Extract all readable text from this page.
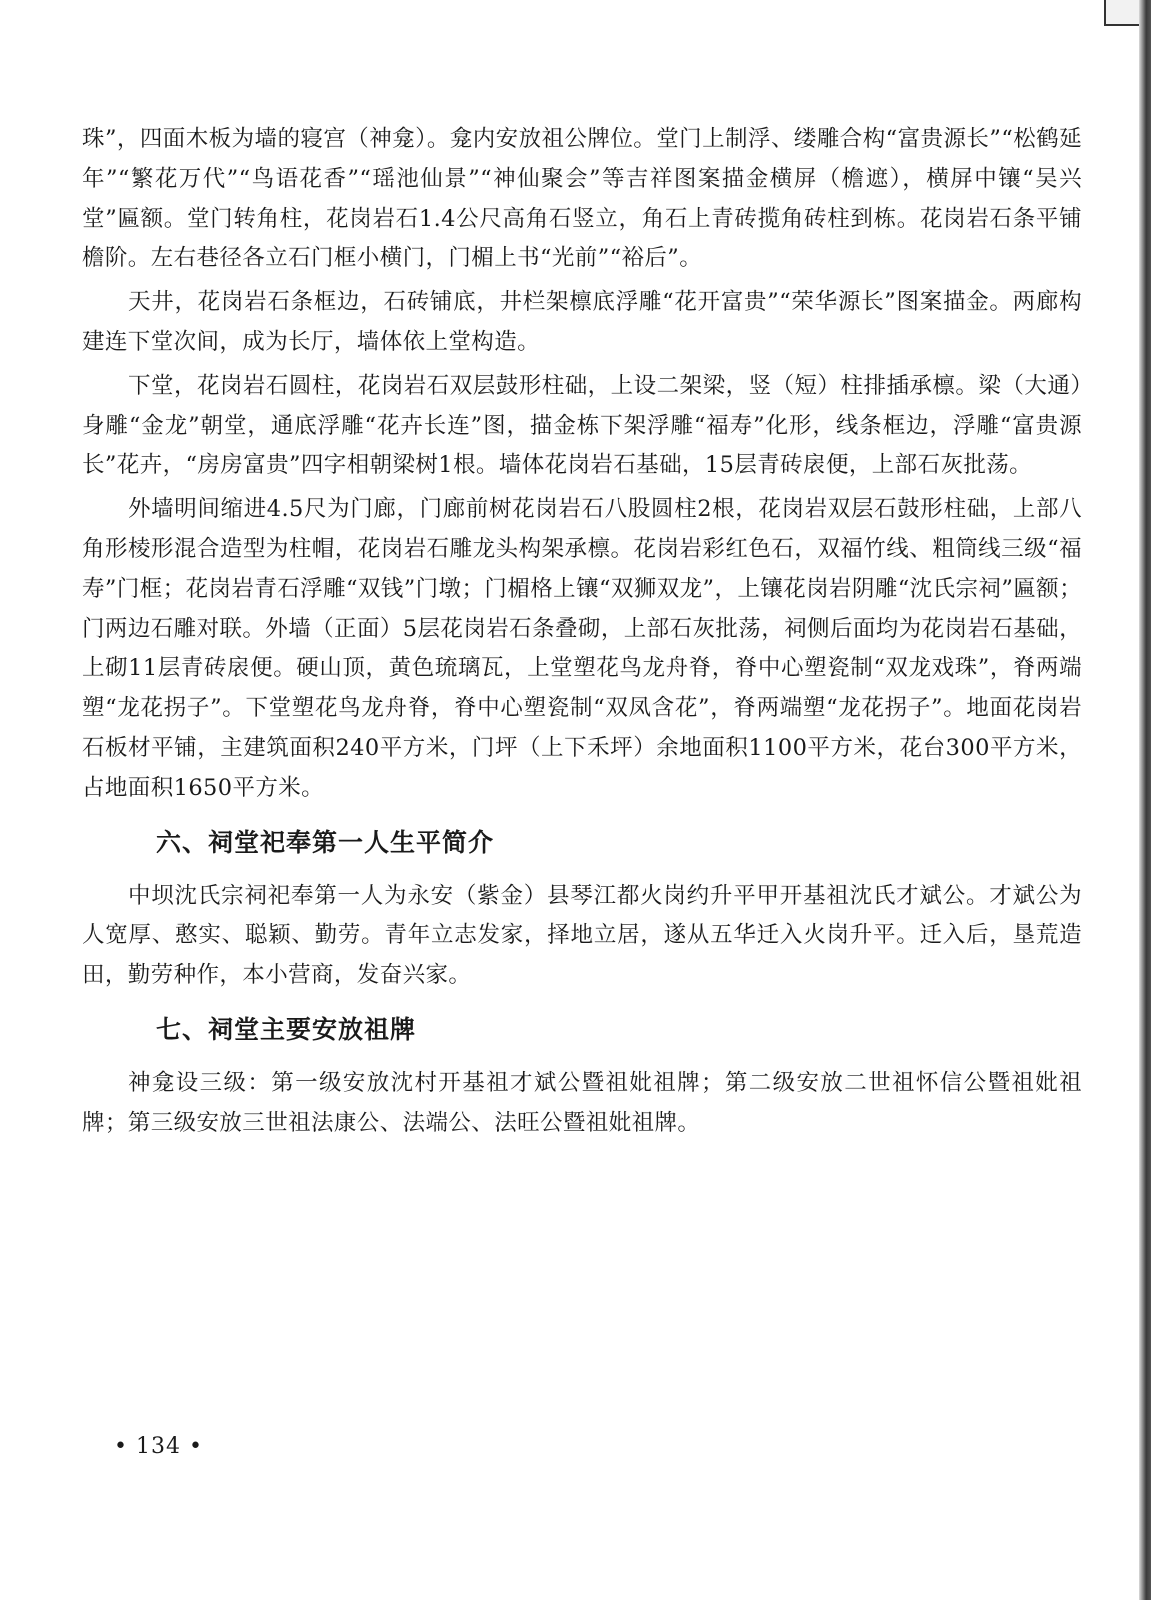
珠”，四面木板为墙的寝宫（神龛）。龛内安放祖公牌位。堂门上制浮、缕雕合构“富贵源长”“松鹤延年”“繁花万代”“鸟语花香”“瑶池仙景”“神仙聚会”等吉祥图案描金横屏（檐遮），横屏中镶“吴兴堂”匾额。堂门转角柱，花岗岩石1.4公尺高角石竖立，角石上青砖揽角砖柱到栋。花岗岩石条平铺檐阶。左右巷径各立石门框小横门，门楣上书“光前”“裕后”。

天井，花岗岩石条框边，石砖铺底，井栏架檩底浮雕“花开富贵”“荣华源长”图案描金。两廊构建连下堂次间，成为长厅，墙体依上堂构造。

下堂，花岗岩石圆柱，花岗岩石双层鼓形柱础，上设二架梁，竖（短）柱排插承檩。梁（大通）身雕“金龙”朝堂，通底浮雕“花卉长连”图，描金栋下架浮雕“福寿”化形，线条框边，浮雕“富贵源长”花卉，“房房富贵”四字相朝梁树1根。墙体花岗岩石基础，15层青砖扆便，上部石灰批荡。

外墙明间缩进4.5尺为门廊，门廊前树花岗岩石八股圆柱2根，花岗岩双层石鼓形柱础，上部八角形棱形混合造型为柱帽，花岗岩石雕龙头构架承檩。花岗岩彩红色石，双福竹线、粗筒线三级“福寿”门框；花岗岩青石浮雕“双钱”门墩；门楣格上镶“双狮双龙”，上镶花岗岩阴雕“沈氏宗祠”匾额；门两边石雕对联。外墙（正面）5层花岗岩石条叠砌，上部石灰批荡，祠侧后面均为花岗岩石基础，上砌11层青砖扆便。硬山顶，黄色琉璃瓦，上堂塑花鸟龙舟脊，脊中心塑瓷制“双龙戏珠”，脊两端塑“龙花拐子”。下堂塑花鸟龙舟脊，脊中心塑瓷制“双凤含花”，脊两端塑“龙花拐子”。地面花岗岩石板材平铺，主建筑面积240平方米，门坪（上下禾坪）余地面积1100平方米，花台300平方米，占地面积1650平方米。

六、祠堂祀奉第一人生平简介

中坝沈氏宗祠祀奉第一人为永安（紫金）县琴江都火岗约升平甲开基祖沈氏才斌公。才斌公为人宽厚、憨实、聪颖、勤劳。青年立志发家，择地立居，遂从五华迁入火岗升平。迁入后，垦荒造田，勤劳种作，本小营商，发奋兴家。

七、祠堂主要安放祖牌

神龛设三级：第一级安放沈村开基祖才斌公暨祖妣祖牌；第二级安放二世祖怀信公暨祖妣祖牌；第三级安放三世祖法康公、法端公、法旺公暨祖妣祖牌。

• 134 •
